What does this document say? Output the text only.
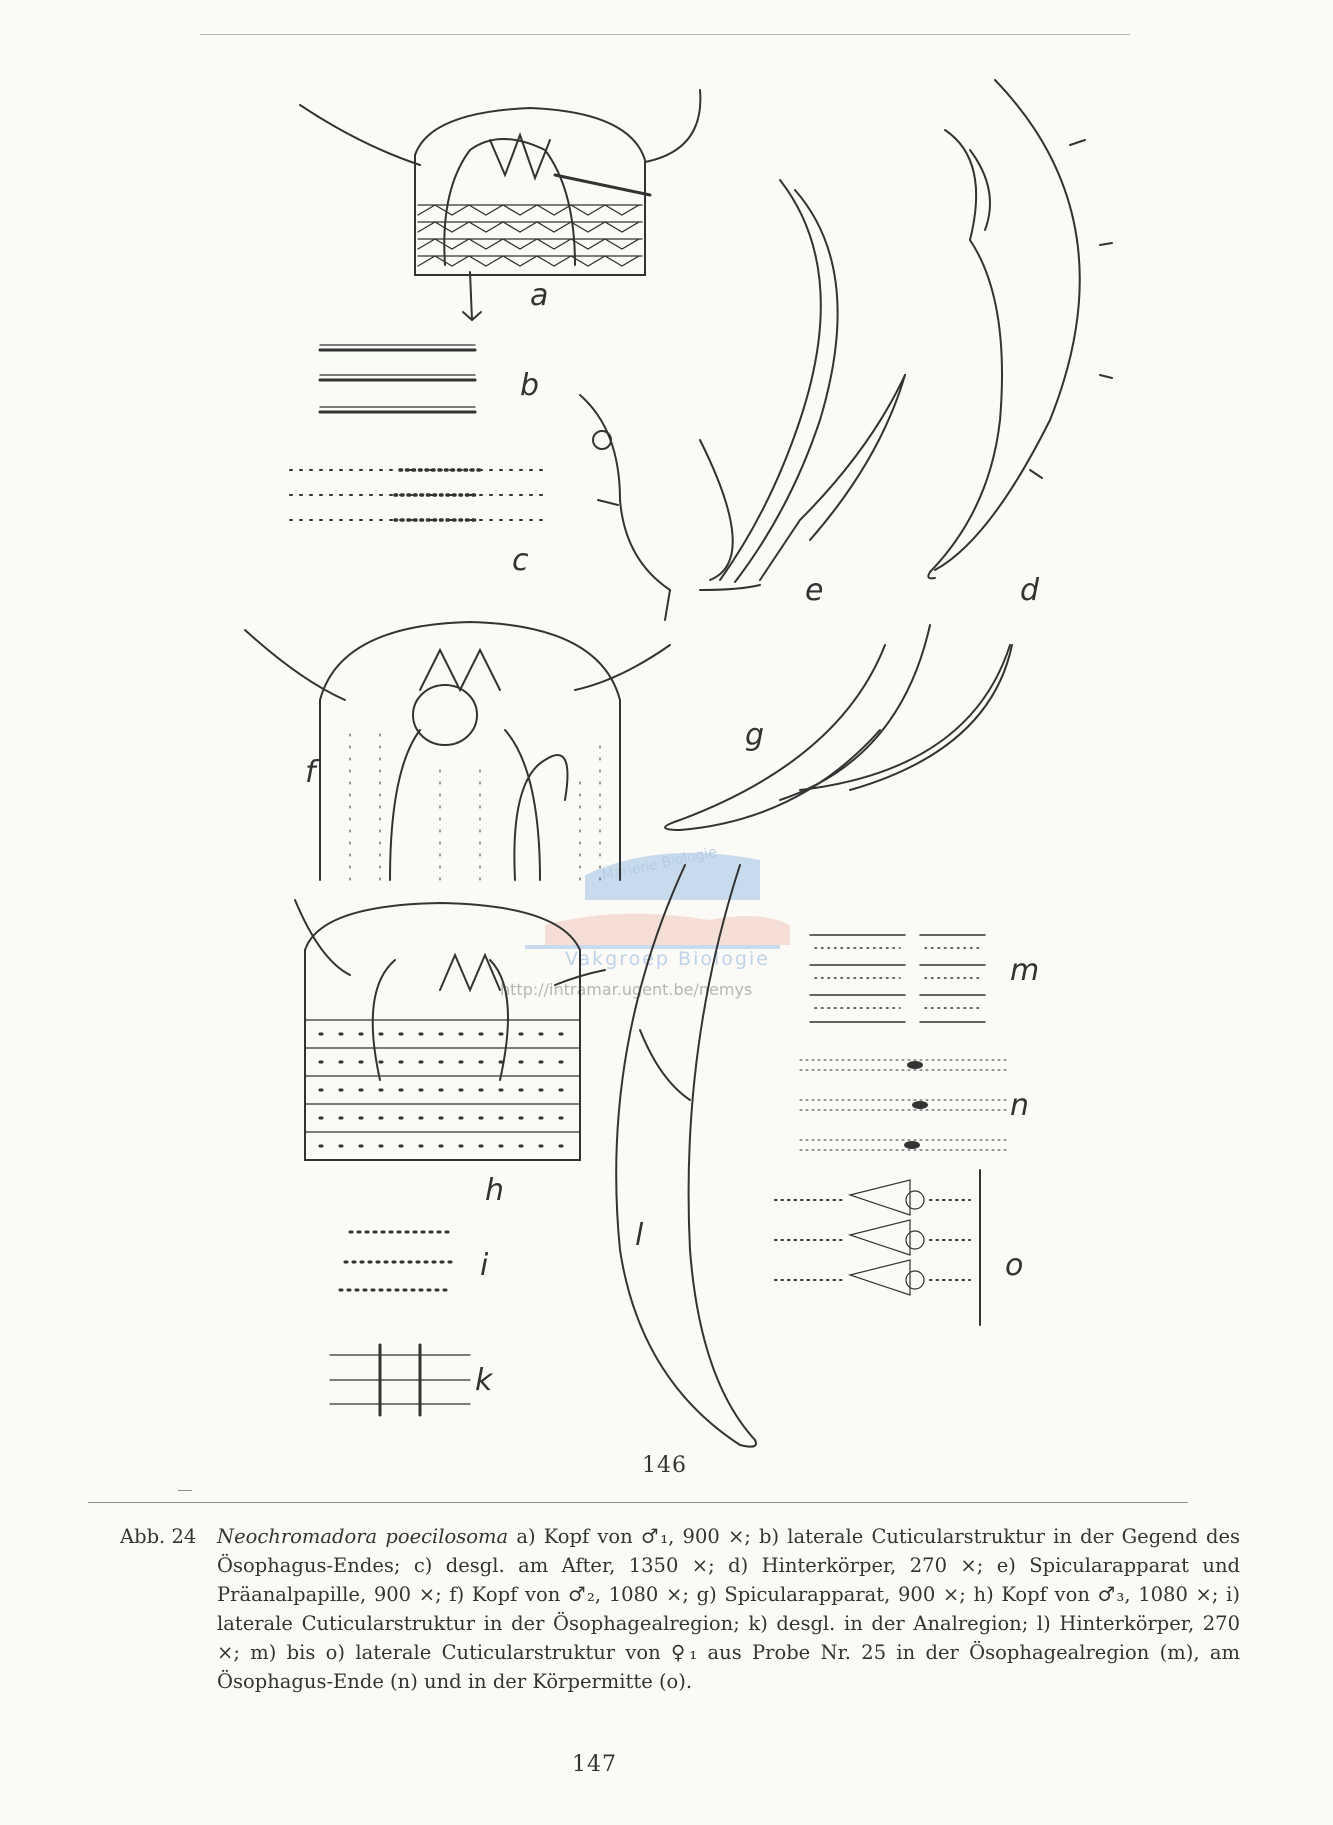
Mariene Biologie
Vakgroep Biologie
http://intramar.ugent.be/nemys
a
b
c
d
e
f
g
h
i
k
l
m
n
o
146
Abb. 24	Neochromadora poecilosoma a) Kopf von ♂₁, 900 ×; b) laterale Cuticularstruktur in der Gegend des Ösophagus-Endes; c) desgl. am After, 1350 ×; d) Hinterkörper, 270 ×; e) Spicularapparat und Präanalpapille, 900 ×; f) Kopf von ♂₂, 1080 ×; g) Spicularapparat, 900 ×; h) Kopf von ♂₃, 1080 ×; i) laterale Cuticularstruktur in der Ösophagealregion; k) desgl. in der Analregion; l) Hinterkörper, 270 ×; m) bis o) laterale Cuticularstruktur von ♀₁ aus Probe Nr. 25 in der Ösophagealregion (m), am Ösophagus-Ende (n) und in der Körpermitte (o).
147
